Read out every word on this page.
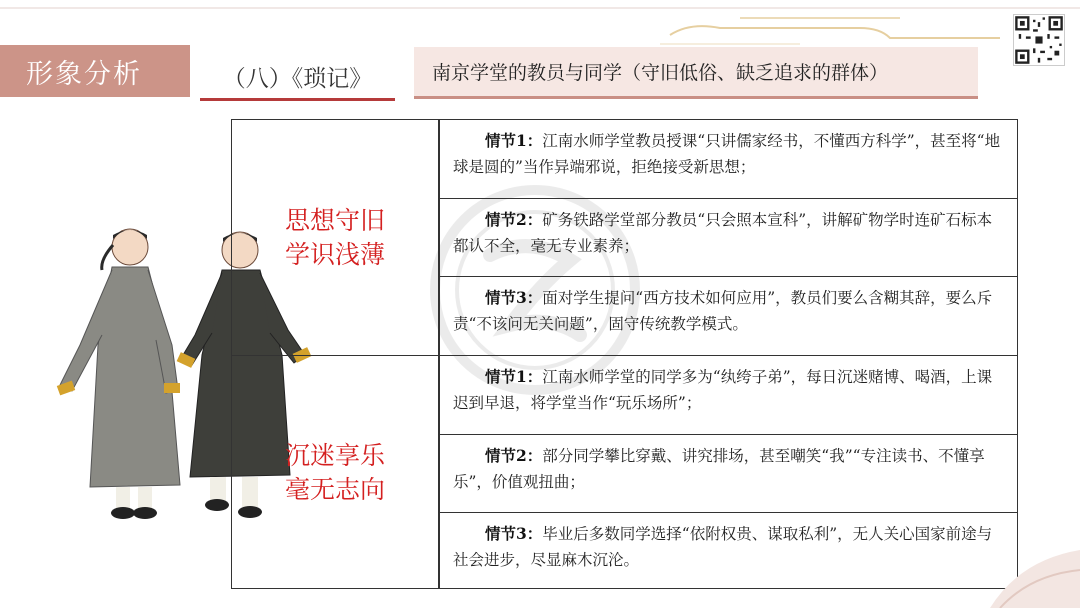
形象分析	（八）《琐记》	南京学堂的教员与同学（守旧低俗、缺乏追求的群体）
思想守旧
学识浅薄
沉迷享乐
毫无志向
情节1：江南水师学堂教员授课“只讲儒家经书，不懂西方科学”，甚至将“地球是圆的”当作异端邪说，拒绝接受新思想；
情节2：矿务铁路学堂部分教员“只会照本宣科”，讲解矿物学时连矿石标本都认不全，毫无专业素养；
情节3：面对学生提问“西方技术如何应用”，教员们要么含糊其辞，要么斥责“不该问无关问题”，固守传统教学模式。
情节1：江南水师学堂的同学多为“纨绔子弟”，每日沉迷赌博、喝酒，上课迟到早退，将学堂当作“玩乐场所”；
情节2：部分同学攀比穿戴、讲究排场，甚至嘲笑“我”“专注读书、不懂享乐”，价值观扭曲；
情节3：毕业后多数同学选择“依附权贵、谋取私利”，无人关心国家前途与社会进步，尽显麻木沉沦。
